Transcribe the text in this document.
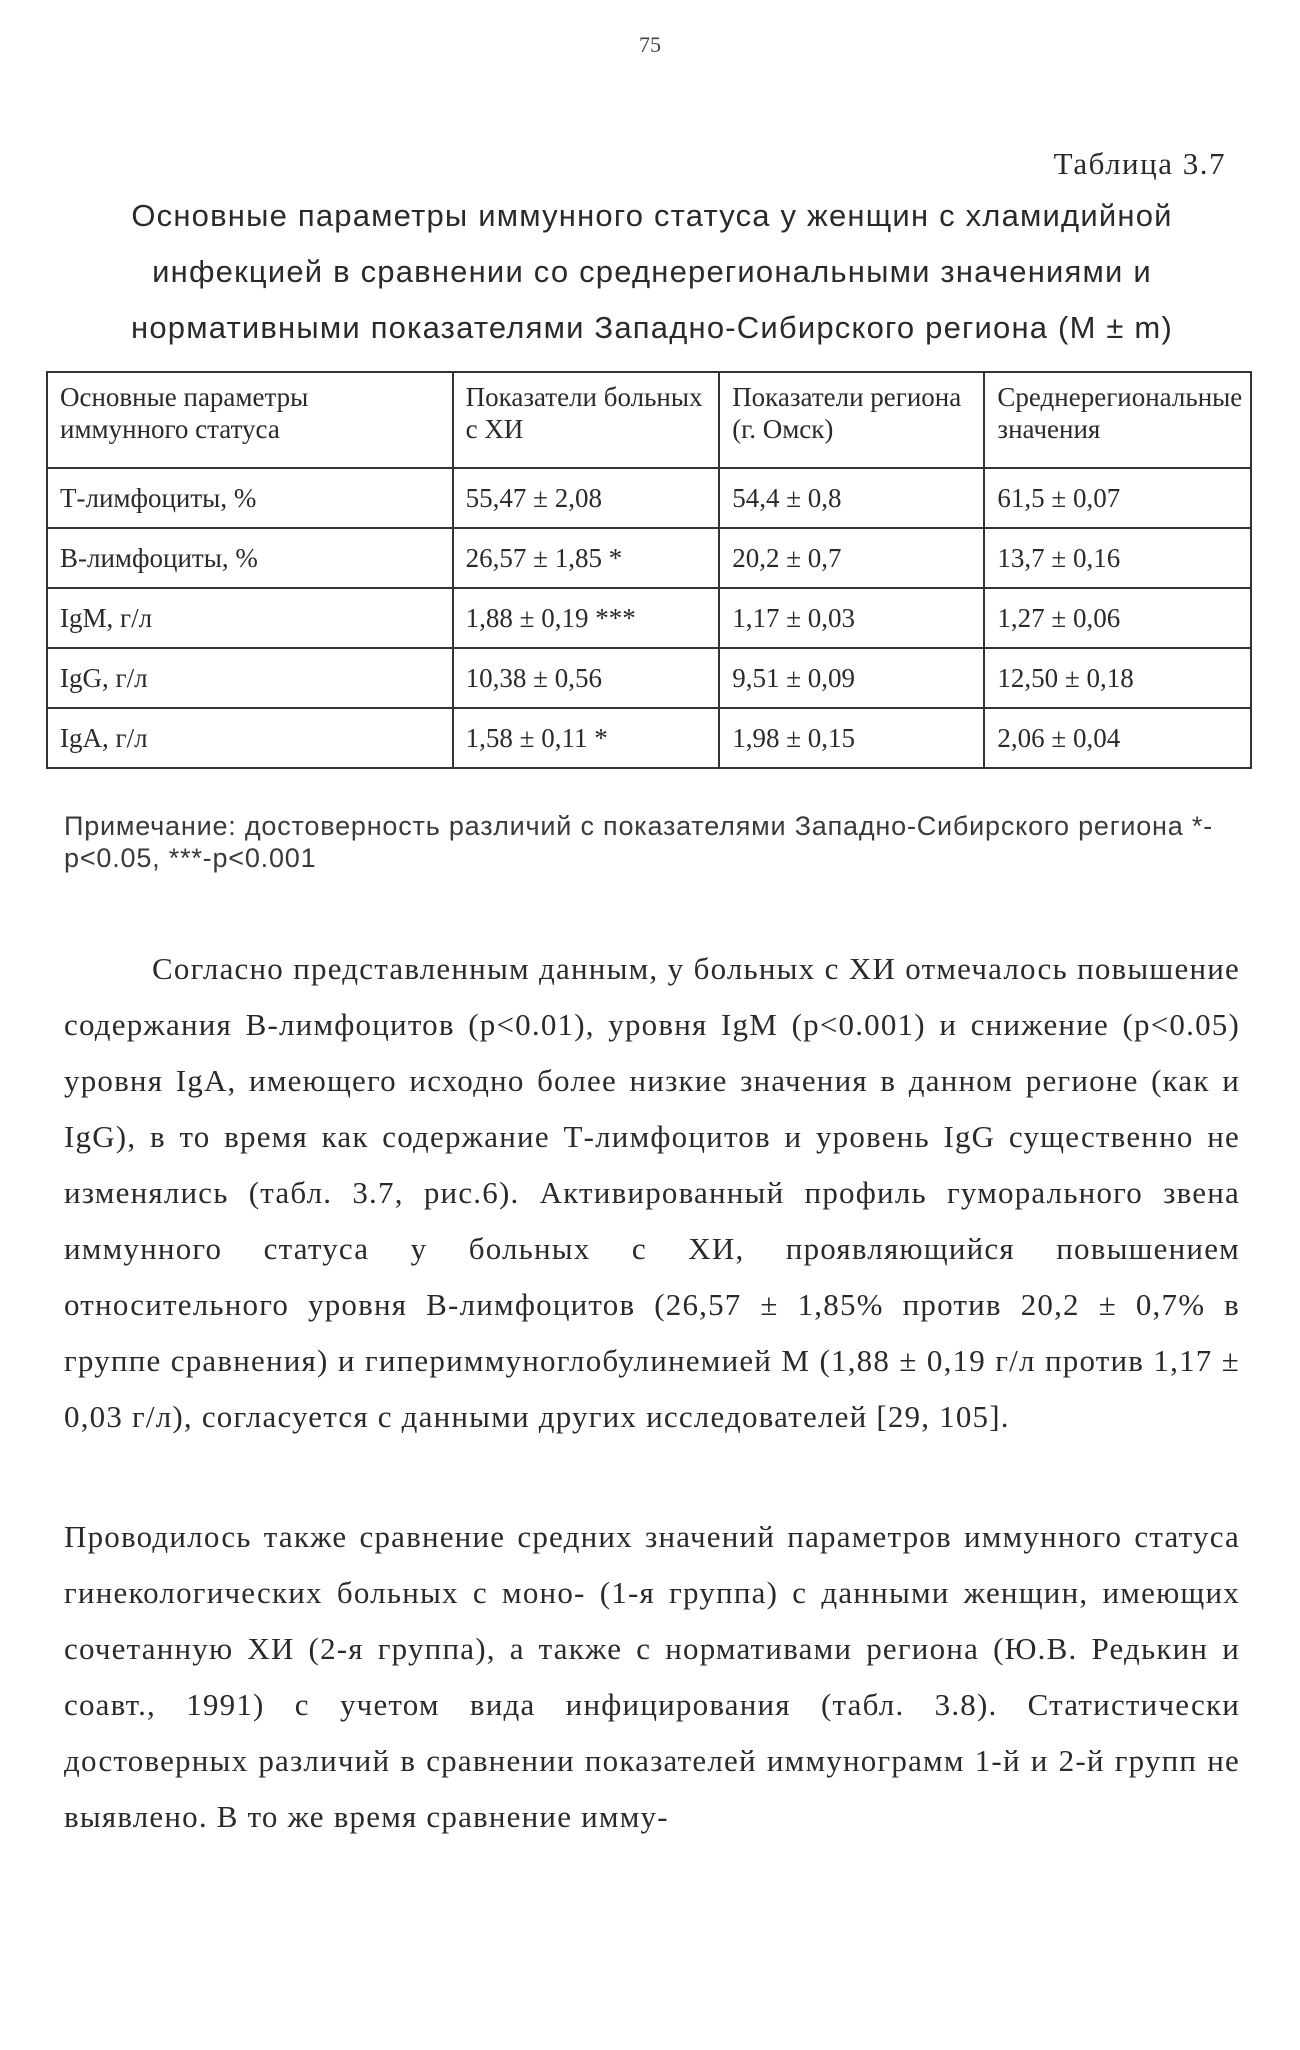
75
Таблица 3.7
Основные параметры иммунного статуса у женщин с хламидийной инфекцией в сравнении со среднерегиональными значениями и нормативными показателями Западно-Сибирского региона (M ± m)
Основные параметры иммунного статуса	Показатели больных с ХИ	Показатели региона (г. Омск)	Среднерегиональные значения
Т-лимфоциты, %	55,47 ± 2,08	54,4 ± 0,8	61,5 ± 0,07
В-лимфоциты, %	26,57 ± 1,85 *	20,2 ± 0,7	13,7 ± 0,16
IgM, г/л	1,88 ± 0,19 ***	1,17 ± 0,03	1,27 ± 0,06
IgG, г/л	10,38 ± 0,56	9,51 ± 0,09	12,50 ± 0,18
IgA, г/л	1,58 ± 0,11 *	1,98 ± 0,15	2,06 ± 0,04
Примечание: достоверность различий с показателями Западно-Сибирского региона *-p<0.05, ***-p<0.001

Согласно представленным данным, у больных с ХИ отмечалось повышение содержания В-лимфоцитов (p<0.01), уровня IgM (p<0.001) и снижение (p<0.05) уровня IgA, имеющего исходно более низкие значения в данном регионе (как и IgG), в то время как содержание Т-лимфоцитов и уровень IgG существенно не изменялись (табл. 3.7, рис.6). Активированный профиль гуморального звена иммунного статуса у больных с ХИ, проявляющийся повышением относительного уровня В-лимфоцитов (26,57 ± 1,85% против 20,2 ± 0,7% в группе сравнения) и гипериммуноглобулинемией M (1,88 ± 0,19 г/л против 1,17 ± 0,03 г/л), согласуется с данными других исследователей [29, 105].

Проводилось также сравнение средних значений параметров иммунного статуса гинекологических больных с моно- (1-я группа) с данными женщин, имеющих сочетанную ХИ (2-я группа), а также с нормативами региона (Ю.В. Редькин и соавт., 1991) с учетом вида инфицирования (табл. 3.8). Статистически достоверных различий в сравнении показателей иммунограмм 1-й и 2-й групп не выявлено. В то же время сравнение имму-
